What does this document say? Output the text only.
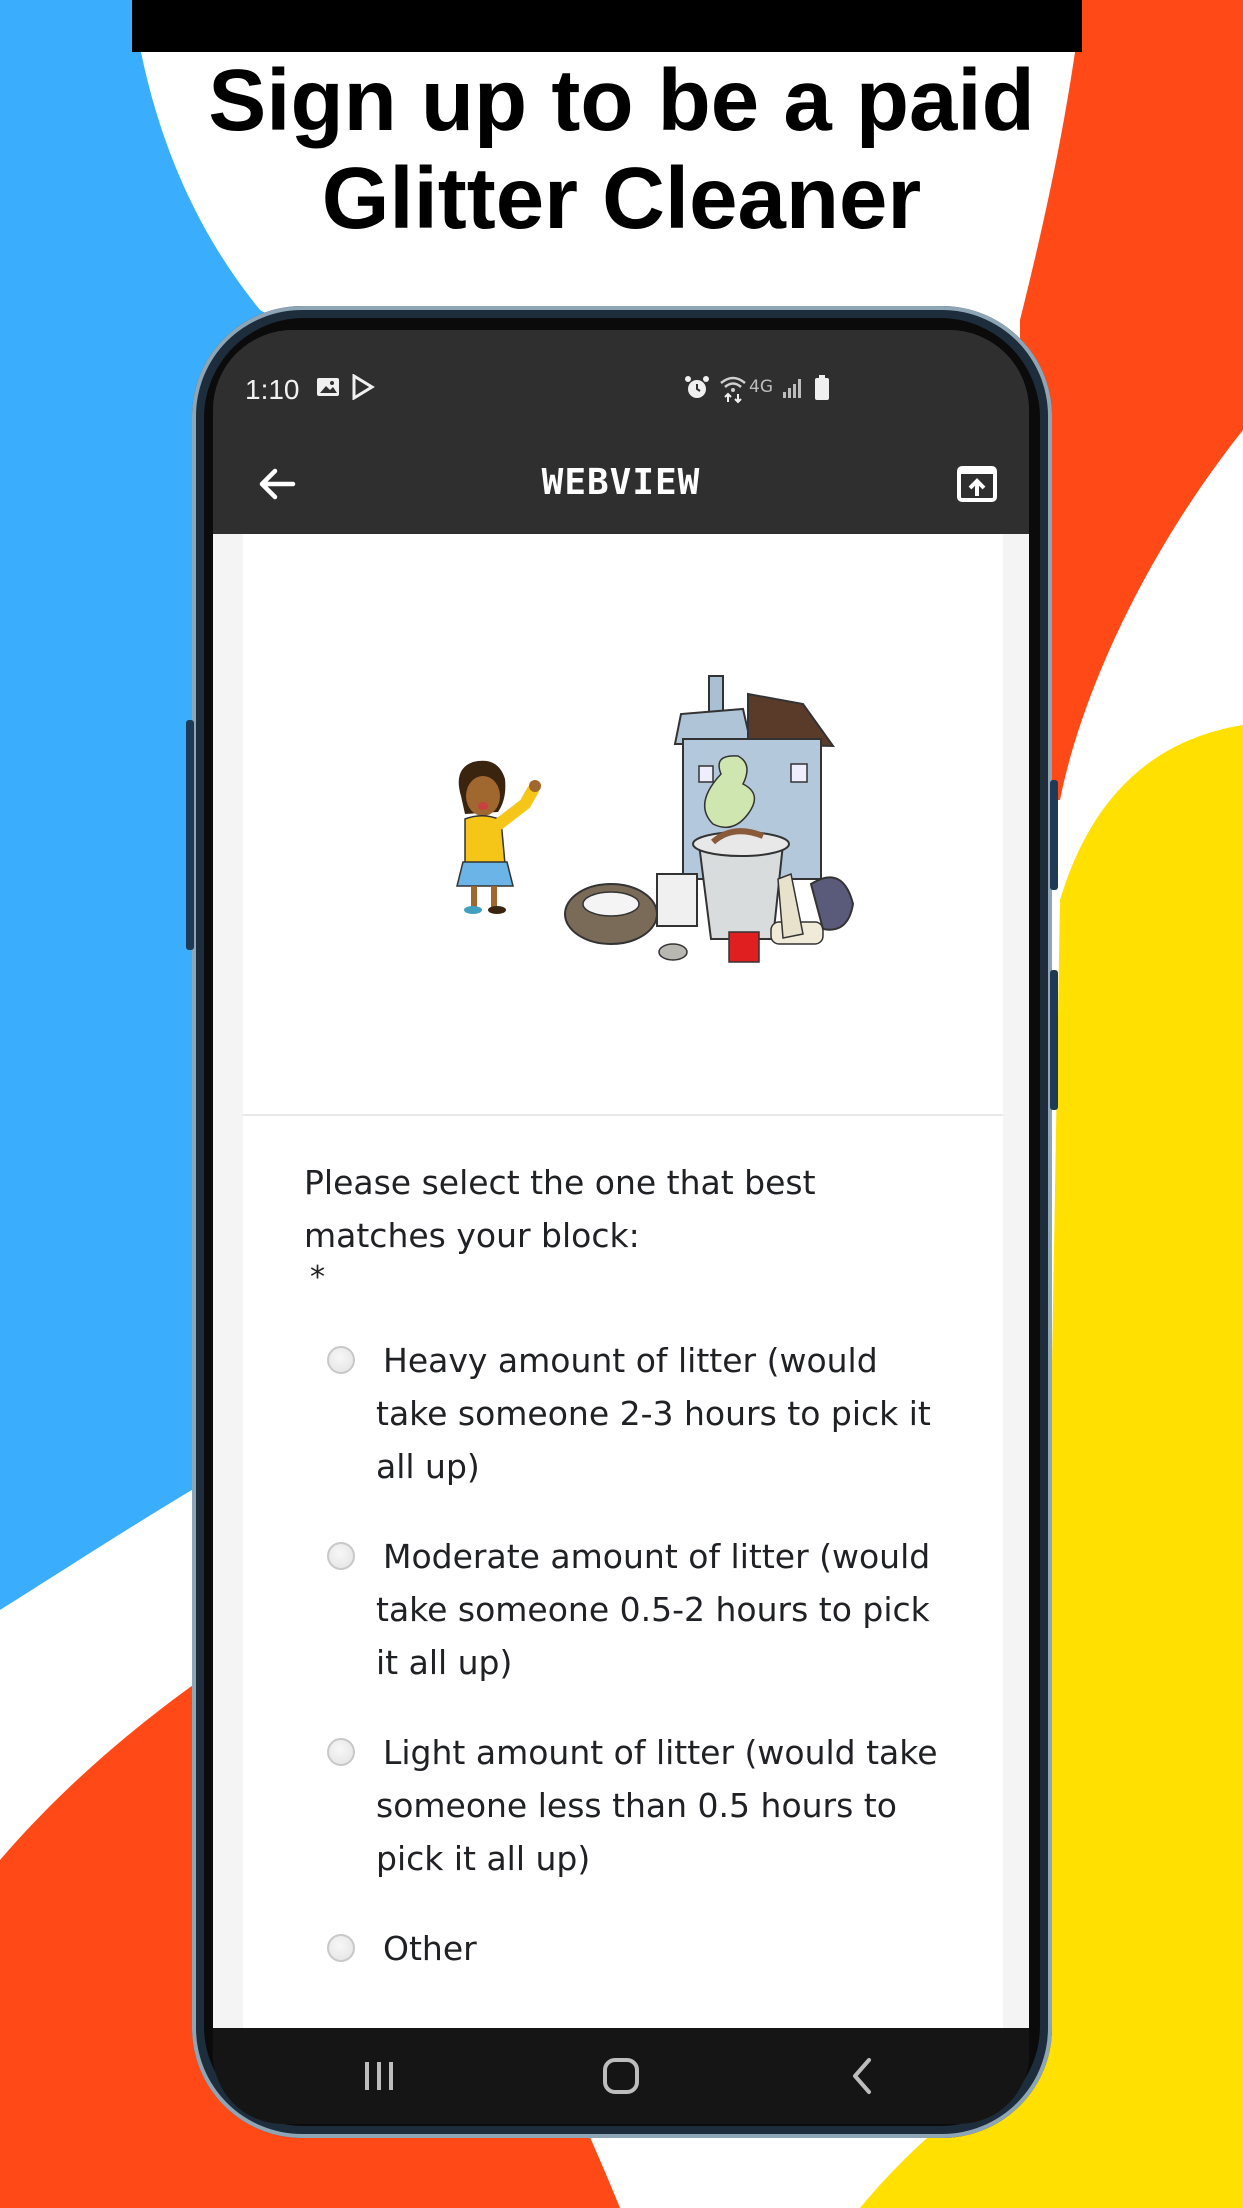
Sign up to be a paid
Glitter Cleaner
1:10	4G
WEBVIEW
Please select the one that best matches your block:
*
Heavy amount of litter (would take someone 2-3 hours to pick it all up)
Moderate amount of litter (would take someone 0.5-2 hours to pick it all up)
Light amount of litter (would take someone less than 0.5 hours to pick it all up)
Other
